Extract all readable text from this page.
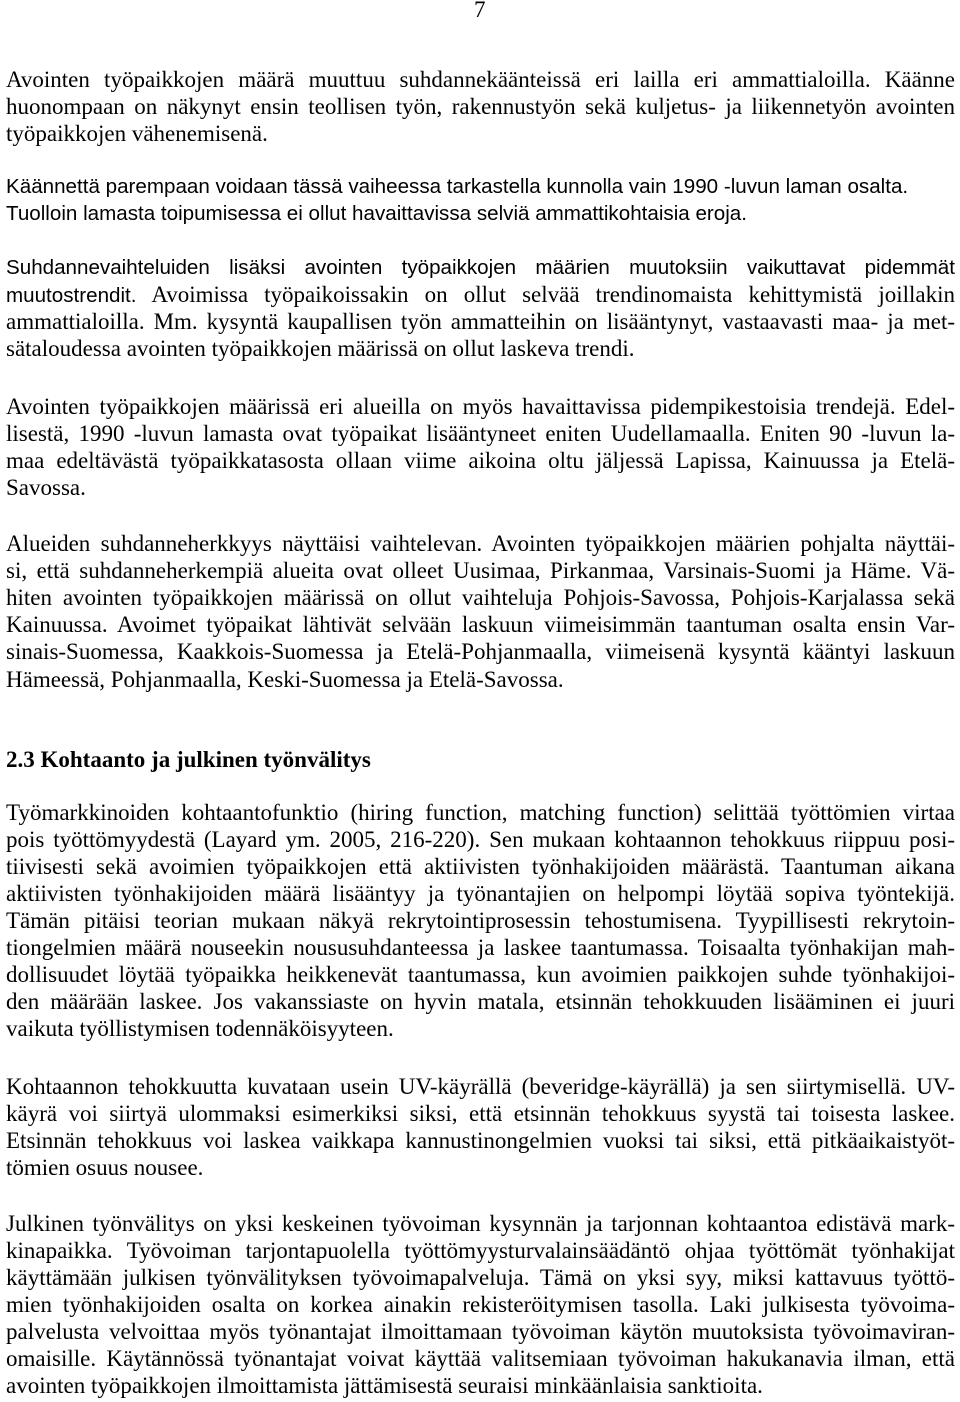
7
Avointen työpaikkojen määrä muuttuu suhdannekäänteissä eri lailla eri ammattialoilla. Käänne
huonompaan on näkynyt ensin teollisen työn, rakennustyön sekä kuljetus- ja liikennetyön avointen
työpaikkojen vähenemisenä.
Käännettä parempaan voidaan tässä vaiheessa tarkastella kunnolla vain 1990 -luvun laman osalta.
Tuolloin lamasta toipumisessa ei ollut havaittavissa selviä ammattikohtaisia eroja.
Suhdannevaihteluiden lisäksi avointen työpaikkojen määrien muutoksiin vaikuttavat pidemmät
muutostrendit. Avoimissa työpaikoissakin on ollut selvää trendinomaista kehittymistä joillakin
ammattialoilla. Mm. kysyntä kaupallisen työn ammatteihin on lisääntynyt, vastaavasti maa- ja met-
sätaloudessa avointen työpaikkojen määrissä on ollut laskeva trendi.
Avointen työpaikkojen määrissä eri alueilla on myös havaittavissa pidempikestoisia trendejä. Edel-
lisestä, 1990 -luvun lamasta ovat työpaikat lisääntyneet eniten Uudellamaalla. Eniten 90 -luvun la-
maa edeltävästä työpaikkatasosta ollaan viime aikoina oltu jäljessä Lapissa, Kainuussa ja Etelä-
Savossa.
Alueiden suhdanneherkkyys näyttäisi vaihtelevan. Avointen työpaikkojen määrien pohjalta näyttäi-
si, että suhdanneherkempiä alueita ovat olleet Uusimaa, Pirkanmaa, Varsinais-Suomi ja Häme. Vä-
hiten avointen työpaikkojen määrissä on ollut vaihteluja Pohjois-Savossa, Pohjois-Karjalassa sekä
Kainuussa. Avoimet työpaikat lähtivät selvään laskuun viimeisimmän taantuman osalta ensin Var-
sinais-Suomessa, Kaakkois-Suomessa ja Etelä-Pohjanmaalla, viimeisenä kysyntä kääntyi laskuun
Hämeessä, Pohjanmaalla, Keski-Suomessa ja Etelä-Savossa.
2.3 Kohtaanto ja julkinen työnvälitys
Työmarkkinoiden kohtaantofunktio (hiring function, matching function) selittää työttömien virtaa
pois työttömyydestä (Layard ym. 2005, 216-220). Sen mukaan kohtaannon tehokkuus riippuu posi-
tiivisesti sekä avoimien työpaikkojen että aktiivisten työnhakijoiden määrästä. Taantuman aikana
aktiivisten työnhakijoiden määrä lisääntyy ja työnantajien on helpompi löytää sopiva työntekijä.
Tämän pitäisi teorian mukaan näkyä rekrytointiprosessin tehostumisena. Tyypillisesti rekrytoin-
tiongelmien määrä nouseekin noususuhdanteessa ja laskee taantumassa. Toisaalta työnhakijan mah-
dollisuudet löytää työpaikka heikkenevät taantumassa, kun avoimien paikkojen suhde työnhakijoi-
den määrään laskee. Jos vakanssiaste on hyvin matala, etsinnän tehokkuuden lisääminen ei juuri
vaikuta työllistymisen todennäköisyyteen.
Kohtaannon tehokkuutta kuvataan usein UV-käyrällä (beveridge-käyrällä) ja sen siirtymisellä. UV-
käyrä voi siirtyä ulommaksi esimerkiksi siksi, että etsinnän tehokkuus syystä tai toisesta laskee.
Etsinnän tehokkuus voi laskea vaikkapa kannustinongelmien vuoksi tai siksi, että pitkäaikaistyöt-
tömien osuus nousee.
Julkinen työnvälitys on yksi keskeinen työvoiman kysynnän ja tarjonnan kohtaantoa edistävä mark-
kinapaikka. Työvoiman tarjontapuolella työttömyysturvalainsäädäntö ohjaa työttömät työnhakijat
käyttämään julkisen työnvälityksen työvoimapalveluja. Tämä on yksi syy, miksi kattavuus työttö-
mien työnhakijoiden osalta on korkea ainakin rekisteröitymisen tasolla. Laki julkisesta työvoima-
palvelusta velvoittaa myös työnantajat ilmoittamaan työvoiman käytön muutoksista työvoimaviran-
omaisille. Käytännössä työnantajat voivat käyttää valitsemiaan työvoiman hakukanavia ilman, että
avointen työpaikkojen ilmoittamista jättämisestä seuraisi minkäänlaisia sanktioita.
